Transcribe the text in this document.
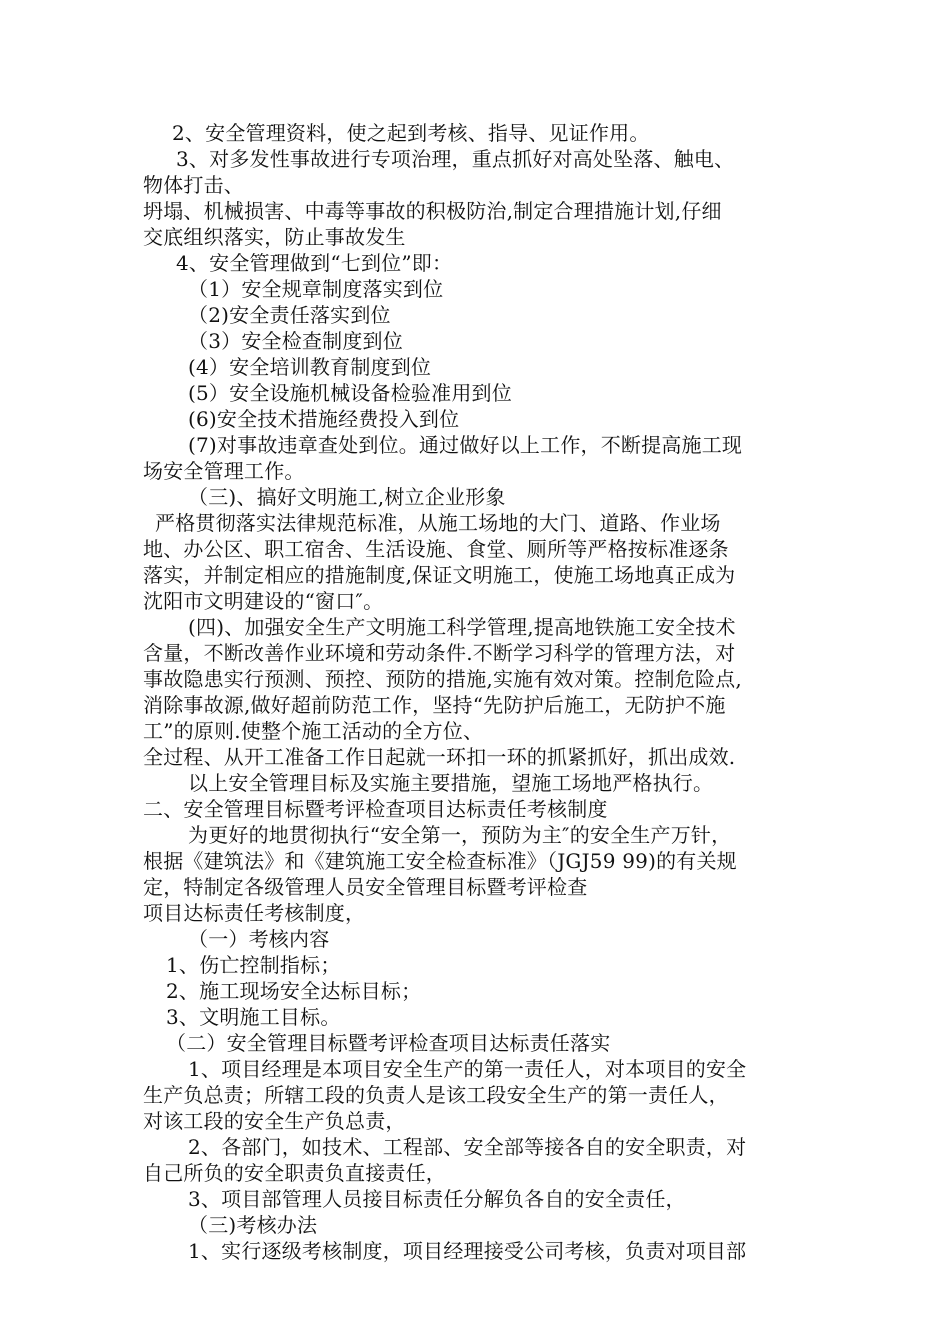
2、安全管理资料，使之起到考核、指导、见证作用。

3、对多发性事故进行专项治理，重点抓好对高处坠落、触电、

物体打击、

坍塌、机械损害、中毒等事故的积极防治,制定合理措施计划,仔细

交底组织落实，防止事故发生

4、安全管理做到“七到位”即：

（1）安全规章制度落实到位

（2)安全责任落实到位

（3）安全检查制度到位

(4）安全培训教育制度到位

(5）安全设施机械设备检验准用到位

(6)安全技术措施经费投入到位

(7)对事故违章查处到位。通过做好以上工作，不断提高施工现

场安全管理工作。

（三)、搞好文明施工,树立企业形象

严格贯彻落实法律规范标准，从施工场地的大门、道路、作业场

地、办公区、职工宿舍、生活设施、食堂、厕所等严格按标准逐条

落实，并制定相应的措施制度,保证文明施工，使施工场地真正成为

沈阳市文明建设的“窗口″。

(四)、加强安全生产文明施工科学管理,提高地铁施工安全技术

含量，不断改善作业环境和劳动条件.不断学习科学的管理方法，对

事故隐患实行预测、预控、预防的措施,实施有效对策。控制危险点,

消除事故源,做好超前防范工作，坚持“先防护后施工，无防护不施

工”的原则.使整个施工活动的全方位、

全过程、从开工准备工作日起就一环扣一环的抓紧抓好，抓出成效.

以上安全管理目标及实施主要措施，望施工场地严格执行。

二、安全管理目标暨考评检查项目达标责任考核制度

为更好的地贯彻执行“安全第一，预防为主″的安全生产万针，

根据《建筑法》和《建筑施工安全检查标准》（JGJ59 99)的有关规

定，特制定各级管理人员安全管理目标暨考评检查

项目达标责任考核制度，

（一）考核内容

1、伤亡控制指标；

2、施工现场安全达标目标；

3、文明施工目标。

（二）安全管理目标暨考评检查项目达标责任落实

1、项目经理是本项目安全生产的第一责任人，对本项目的安全

生产负总责；所辖工段的负责人是该工段安全生产的第一责任人，

对该工段的安全生产负总责，

2、各部门，如技术、工程部、安全部等接各自的安全职责，对

自己所负的安全职责负直接责任，

3、项目部管理人员接目标责任分解负各自的安全责任，

（三)考核办法

1、实行逐级考核制度，项目经理接受公司考核，负责对项目部
